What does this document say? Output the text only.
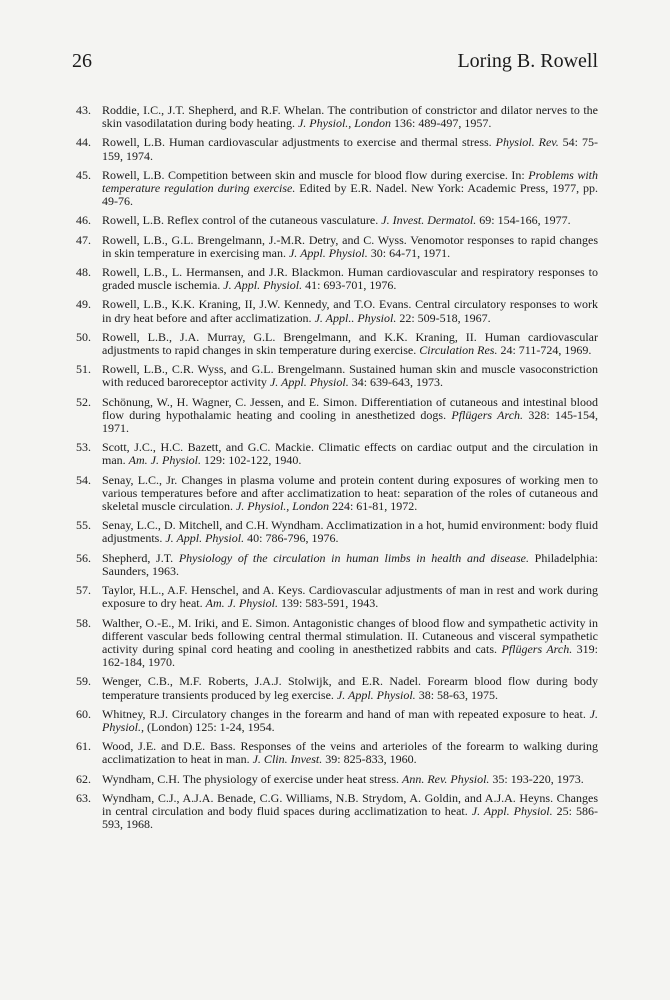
26	Loring B. Rowell
43. Roddie, I.C., J.T. Shepherd, and R.F. Whelan. The contribution of constrictor and dilator nerves to the skin vasodilatation during body heating. J. Physiol., London 136: 489-497, 1957.
44. Rowell, L.B. Human cardiovascular adjustments to exercise and thermal stress. Physiol. Rev. 54: 75-159, 1974.
45. Rowell, L.B. Competition between skin and muscle for blood flow during exercise. In: Problems with temperature regulation during exercise. Edited by E.R. Nadel. New York: Academic Press, 1977, pp. 49-76.
46. Rowell, L.B. Reflex control of the cutaneous vasculature. J. Invest. Dermatol. 69: 154-166, 1977.
47. Rowell, L.B., G.L. Brengelmann, J.-M.R. Detry, and C. Wyss. Venomotor responses to rapid changes in skin temperature in exercising man. J. Appl. Physiol. 30: 64-71, 1971.
48. Rowell, L.B., L. Hermansen, and J.R. Blackmon. Human cardiovascular and respiratory responses to graded muscle ischemia. J. Appl. Physiol. 41: 693-701, 1976.
49. Rowell, L.B., K.K. Kraning, II, J.W. Kennedy, and T.O. Evans. Central circulatory responses to work in dry heat before and after acclimatization. J. Appl.. Physiol. 22: 509-518, 1967.
50. Rowell, L.B., J.A. Murray, G.L. Brengelmann, and K.K. Kraning, II. Human cardiovascular adjustments to rapid changes in skin temperature during exercise. Circulation Res. 24: 711-724, 1969.
51. Rowell, L.B., C.R. Wyss, and G.L. Brengelmann. Sustained human skin and muscle vasoconstriction with reduced baroreceptor activity J. Appl. Physiol. 34: 639-643, 1973.
52. Schönung, W., H. Wagner, C. Jessen, and E. Simon. Differentiation of cutaneous and intestinal blood flow during hypothalamic heating and cooling in anesthetized dogs. Pflügers Arch. 328: 145-154, 1971.
53. Scott, J.C., H.C. Bazett, and G.C. Mackie. Climatic effects on cardiac output and the circulation in man. Am. J. Physiol. 129: 102-122, 1940.
54. Senay, L.C., Jr. Changes in plasma volume and protein content during exposures of working men to various temperatures before and after acclimatization to heat: separation of the roles of cutaneous and skeletal muscle circulation. J. Physiol., London 224: 61-81, 1972.
55. Senay, L.C., D. Mitchell, and C.H. Wyndham. Acclimatization in a hot, humid environment: body fluid adjustments. J. Appl. Physiol. 40: 786-796, 1976.
56. Shepherd, J.T. Physiology of the circulation in human limbs in health and disease. Philadelphia: Saunders, 1963.
57. Taylor, H.L., A.F. Henschel, and A. Keys. Cardiovascular adjustments of man in rest and work during exposure to dry heat. Am. J. Physiol. 139: 583-591, 1943.
58. Walther, O.-E., M. Iriki, and E. Simon. Antagonistic changes of blood flow and sympathetic activity in different vascular beds following central thermal stimulation. II. Cutaneous and visceral sympathetic activity during spinal cord heating and cooling in anesthetized rabbits and cats. Pflügers Arch. 319: 162-184, 1970.
59. Wenger, C.B., M.F. Roberts, J.A.J. Stolwijk, and E.R. Nadel. Forearm blood flow during body temperature transients produced by leg exercise. J. Appl. Physiol. 38: 58-63, 1975.
60. Whitney, R.J. Circulatory changes in the forearm and hand of man with repeated exposure to heat. J. Physiol., (London) 125: 1-24, 1954.
61. Wood, J.E. and D.E. Bass. Responses of the veins and arterioles of the forearm to walking during acclimatization to heat in man. J. Clin. Invest. 39: 825-833, 1960.
62. Wyndham, C.H. The physiology of exercise under heat stress. Ann. Rev. Physiol. 35: 193-220, 1973.
63. Wyndham, C.J., A.J.A. Benade, C.G. Williams, N.B. Strydom, A. Goldin, and A.J.A. Heyns. Changes in central circulation and body fluid spaces during acclimatization to heat. J. Appl. Physiol. 25: 586-593, 1968.
